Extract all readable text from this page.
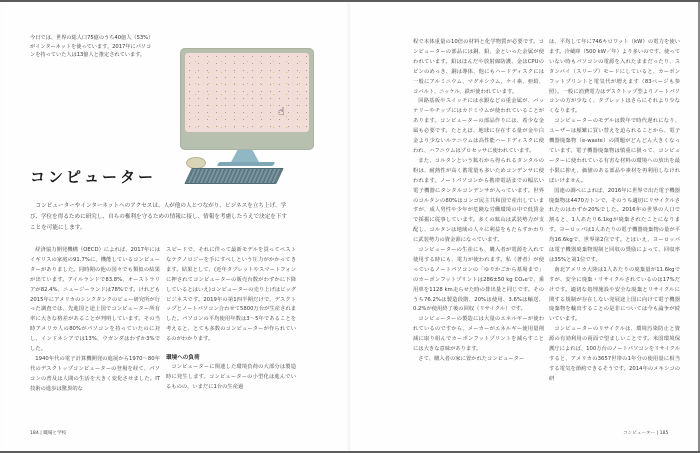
今日では、世界の総人口75億のうち40億人（53%）がインターネットを使っています。2017年にパソコンを持っていた人は13億人と推定されています。
☝
コンピューター
コンピューターやインターネットへのアクセスは、人が他の人とつながり、ビジネスを立ち上げ、学び、学位を得るために研究し、自らの権利を守るための情報に接し、情報を考慮したうえで決定を下すことを可能にします。

経済協力開発機構（OECD）によれば、2017年にはイギリスの家庭の91.7%に、機能しているコンピューターがありました。同時期の他の国々でも類似の結果が出ています。アイルランドで83.8%、オーストラリアが82.4%、ニュージーランドは78%です。けれども2015年にアメリカのシンクタンクのピュー研究所が行った調査では、先進国と途上国でコンピューター所有率に大きな格差があることが判明しています。その当時アメリカ人の80%がパソコンを持っていたのに対し、インドネシアでは13%、ウガンダはわずか3%でした。

1940年代の電子計算機開発の進展から1970〜80年代のデスクトップコンピューターの登場を経て、パソコンの普及は人間の生活を大きく変化させました。IT技術の進歩は驚異的な

スピードで、それに伴って最新モデルを買ってベストなテクノロジーを手にすべしという圧力がかかってきます。結果として、(近年タブレットやスマートフォンに押されてコンピューターの販売台数がわずかに下降しているとはいえ)コンピューターの売り上げはビッグビジネスです。2019年の第1四半期だけで、デスクトップとノートパソコン合わせて5800万台が生産されました。パソコンの平均使用年数は3〜5年であることを考えると、とても多数のコンピューターが作られているのがわかります。

環境への負荷

コンピューターに関連した環境負荷の大部分は製造時に発生します。コンピューターの小型化は進んでいるものの、いまだに1台の生産過

184 | 職場と学校

程で本体重量の10倍の材料と化学物質が必要です。コンピューターの部品には銅、鉛、金といった金属が使われています。鉛はほんだや放射線防護、金はCPUのピンのめっき、銅は導体、他にもハードディスクには一般にアルミニウム、マグネシウム、ケイ素、亜鉛、コバルト、ニッケル、鉄が使われています。

回路基板やスイッチには水銀などの重金属が、バッテリーやチップにはカドミウムが使われていることがあります。コンピューターの部品作りには、希少な金属も必要です。たとえば、地球に存在する量が金や白金より少ないルテニウムは高性能ハードディスクに使われ、ハフニウムはプロセッサに使われています。

また、コルタンという鉱石から得られるタンタルの粉は、耐熱性が高く蓄電量も多いためコンデンサに使われます。ノートパソコンから携帯電話までの幅広い電子機器にタンタルコンデンサが入っています。世界のコルタンの80%はコンゴ民主共和国で産出していますが、成人男性や少年が危険な労働環境の中で低賃金で採掘に従事しています。多くの鉱山は武装勢力が支配し、コルタンは地域の人々に利益をもたらすかわりに武装勢力の資金源になっています。

コンピューターの生産にも、購入者が電源を入れて使用する時にも、電力が使われます。私（著者）が使っているノートパソコンの「ゆりかごから墓場まで」のカーボンフットプリントは286±50 kg CO₂eで、乗用車を1128 km走らせた時の排出量と同じです。そのうち76.2%は製造段階、20%は使用、3.6%は輸送、0.2%が使用終了後の回収（リサイクル）です。

コンピューターの製造には大量のエネルギーが使われているのですから、メーカーがエネルギー使用量削減に取り組んでカーボンフットプリントを減らすことには大きな意味があります。

さて、購入者の家に置かれたコンピューター

は、平均して年に746キロワット（kW）の電力を使います。冷蔵庫（500 kW／年）より多いのです。使っていない時もパソコンの電源を入れたままだったり、スタンバイ（スリープ）モードにしていると、カーボンフットプリントと電気代が増えます（83ページも参照）。一般に消費電力はデスクトップ型よりノートパソコンの方が少なく、タブレットはさらにそれより少なくなります。

コンピューターのモデルは数年で時代遅れになり、ユーザーは頻繁に買い替えを迫られることから、電子機器廃棄物（e-waste）の問題がどんどん大きくなっています。電子機器廃棄物は慎重に扱って、コンピューターに使われている有害な材料の環境への放出を最小限に抑え、価値のある部品や素材を再利用しなければいけません。

国連の調べによれば、2016年に世界で出た電子機器廃棄物は4470万トンで、そのうち適切にリサイクルされたのはわずか20%でした。2016年の世界の人口で割ると、1人あたり6.1kgが廃棄されたことになります。ヨーロッパは1人あたりの電子機器廃棄物の量が平均16.6kgで、世界第2位です。とはいえ、ヨーロッパは電子機器廃棄物規制と回収の奨励によって、回収率は35%と第1位です。

南北アメリカ大陸は1人あたりの廃棄量が11.6kgですが、安全に廃棄・リサイクルされているのは17%だけです。適切な処理施設や安全な廃棄とリサイクルに関する規制が存在しない発展途上国に向けて電子機器廃棄物を輸出することの是非については今も論争が続いています。

コンピューターのリサイクルは、環境汚染防止と資源の有効利用の両面で望ましいことです。米国環境保護庁によれば、100万台のノートパソコンをリサイクルすると、アメリカの3657世帯の1年分の使用量に相当する電気を節約できるそうです。2014年のメキシコの研

コンピューター | 185
